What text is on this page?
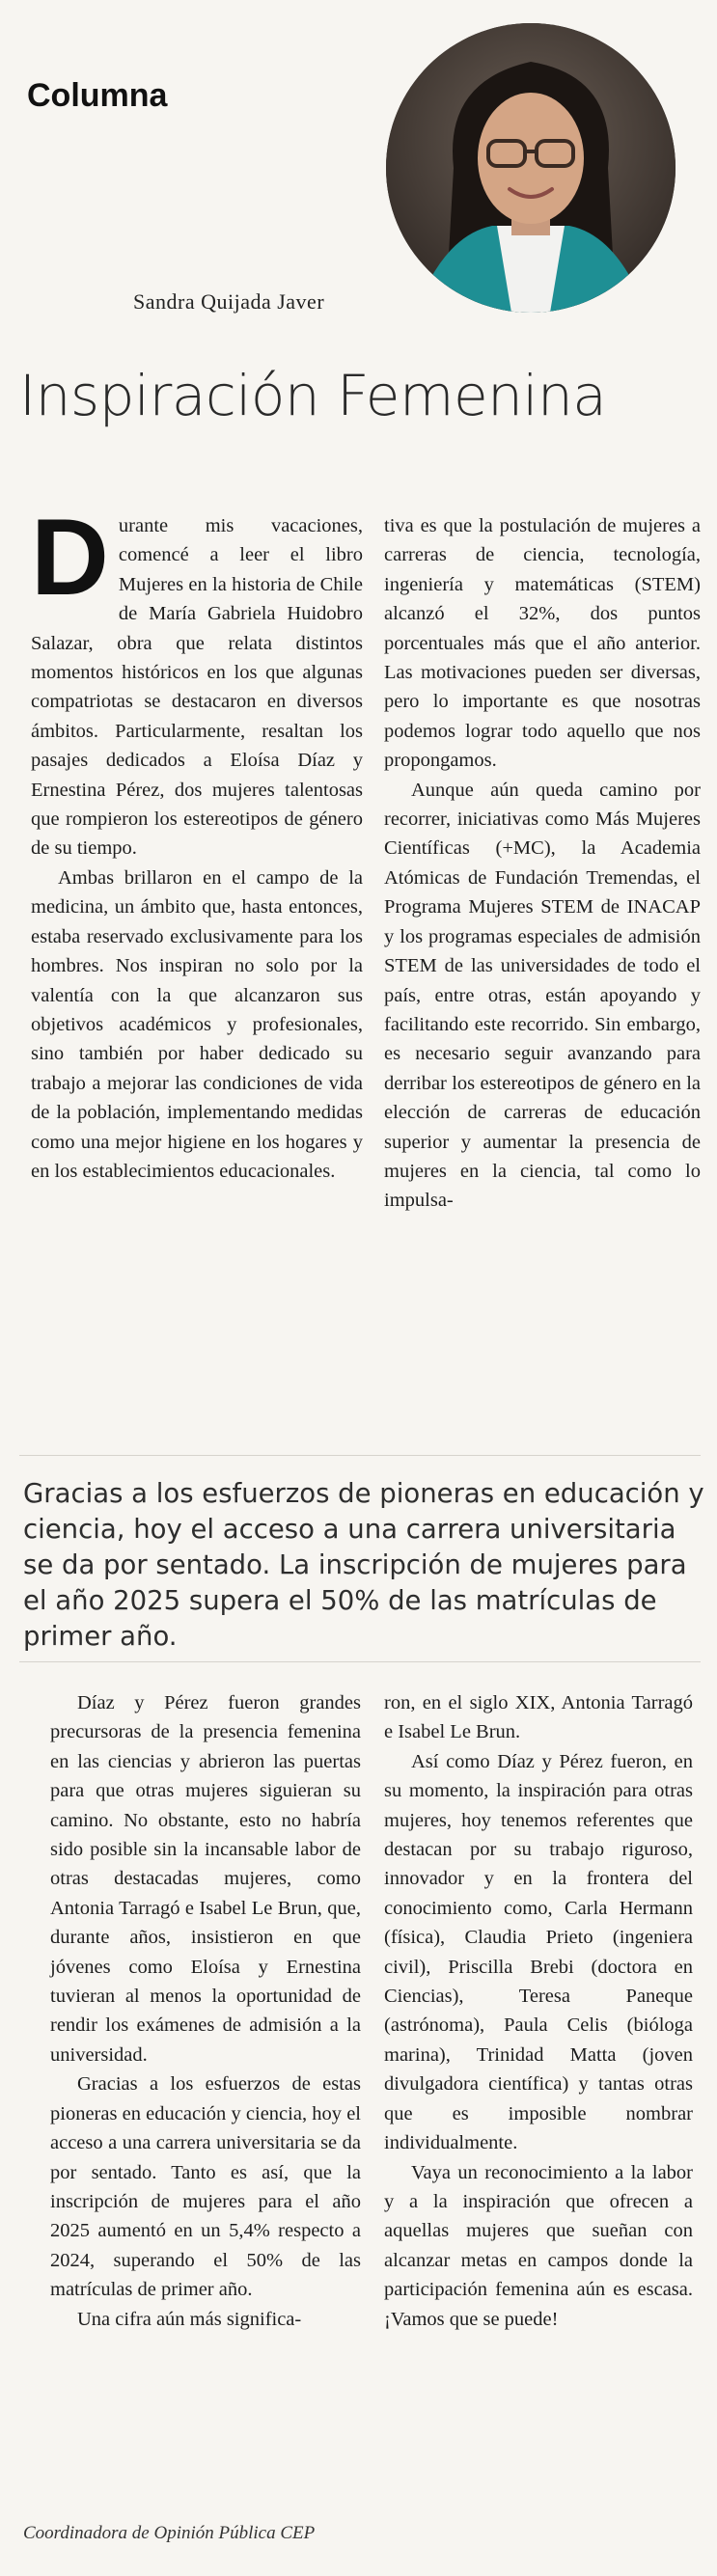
Columna
Sandra Quijada Javer
Inspiración Femenina

Durante mis vacaciones, comencé a leer el libro Mujeres en la historia de Chile de María Gabriela Huidobro Salazar, obra que relata distintos momentos históricos en los que algunas compatriotas se destacaron en diversos ámbitos. Particularmente, resaltan los pasajes dedicados a Eloísa Díaz y Ernestina Pérez, dos mujeres talentosas que rompieron los estereotipos de género de su tiempo.

Ambas brillaron en el campo de la medicina, un ámbito que, hasta entonces, estaba reservado exclusivamente para los hombres. Nos inspiran no solo por la valentía con la que alcanzaron sus objetivos académicos y profesionales, sino también por haber dedicado su trabajo a mejorar las condiciones de vida de la población, implementando medidas como una mejor higiene en los hogares y en los establecimientos educacionales.

tiva es que la postulación de mujeres a carreras de ciencia, tecnología, ingeniería y matemáticas (STEM) alcanzó el 32%, dos puntos porcentuales más que el año anterior. Las motivaciones pueden ser diversas, pero lo importante es que nosotras podemos lograr todo aquello que nos propongamos.

Aunque aún queda camino por recorrer, iniciativas como Más Mujeres Científicas (+MC), la Academia Atómicas de Fundación Tremendas, el Programa Mujeres STEM de INACAP y los programas especiales de admisión STEM de las universidades de todo el país, entre otras, están apoyando y facilitando este recorrido. Sin embargo, es necesario seguir avanzando para derribar los estereotipos de género en la elección de carreras de educación superior y aumentar la presencia de mujeres en la ciencia, tal como lo impulsa-

Gracias a los esfuerzos de pioneras en educación y ciencia, hoy el acceso a una carrera universitaria se da por sentado. La inscripción de mujeres para el año 2025 supera el 50% de las matrículas de primer año.

Díaz y Pérez fueron grandes precursoras de la presencia femenina en las ciencias y abrieron las puertas para que otras mujeres siguieran su camino. No obstante, esto no habría sido posible sin la incansable labor de otras destacadas mujeres, como Antonia Tarragó e Isabel Le Brun, que, durante años, insistieron en que jóvenes como Eloísa y Ernestina tuvieran al menos la oportunidad de rendir los exámenes de admisión a la universidad.

Gracias a los esfuerzos de estas pioneras en educación y ciencia, hoy el acceso a una carrera universitaria se da por sentado. Tanto es así, que la inscripción de mujeres para el año 2025 aumentó en un 5,4% respecto a 2024, superando el 50% de las matrículas de primer año.

Una cifra aún más significa-

ron, en el siglo XIX, Antonia Tarragó e Isabel Le Brun.

Así como Díaz y Pérez fueron, en su momento, la inspiración para otras mujeres, hoy tenemos referentes que destacan por su trabajo riguroso, innovador y en la frontera del conocimiento como, Carla Hermann (física), Claudia Prieto (ingeniera civil), Priscilla Brebi (doctora en Ciencias), Teresa Paneque (astrónoma), Paula Celis (bióloga marina), Trinidad Matta (joven divulgadora científica) y tantas otras que es imposible nombrar individualmente.

Vaya un reconocimiento a la labor y a la inspiración que ofrecen a aquellas mujeres que sueñan con alcanzar metas en campos donde la participación femenina aún es escasa. ¡Vamos que se puede!

Coordinadora de Opinión Pública CEP
